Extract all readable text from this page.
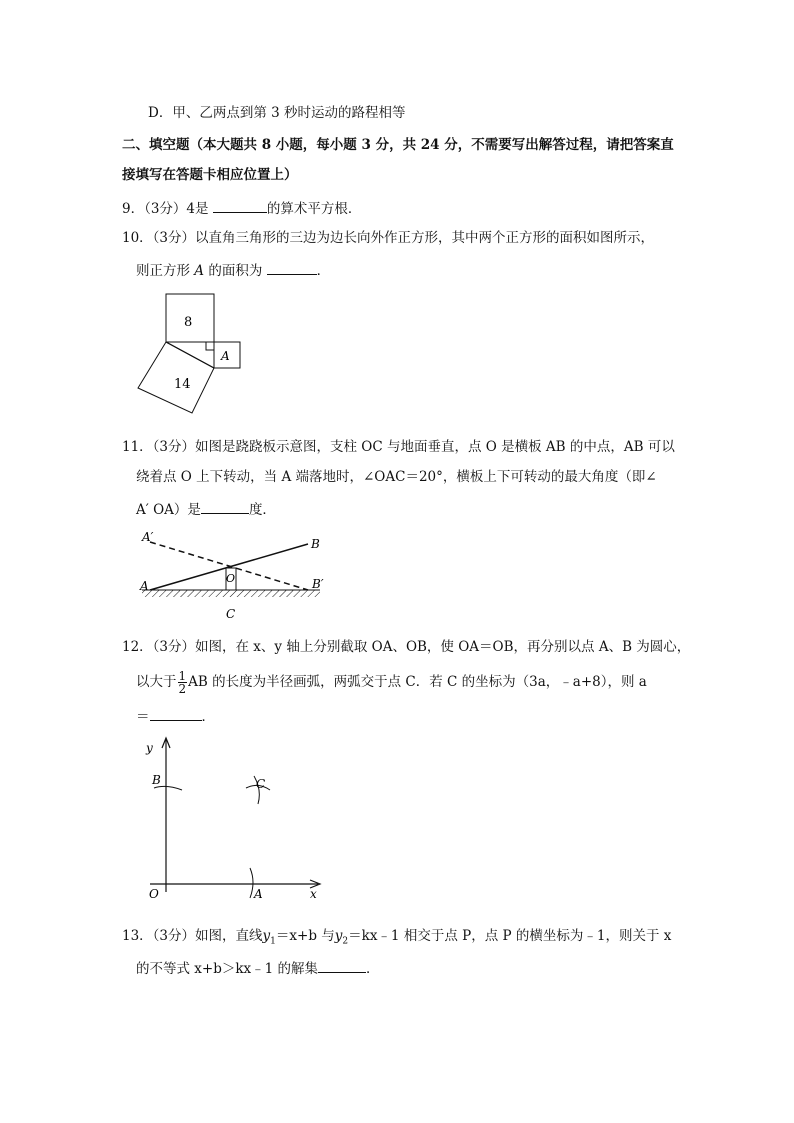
D．甲、乙两点到第 3 秒时运动的路程相等
二、填空题（本大题共 8 小题，每小题 3 分，共 24 分，不需要写出解答过程，请把答案直
接填写在答题卡相应位置上）
9．（3分）4是	的算术平方根．
10．（3分）以直角三角形的三边为边长向外作正方形，其中两个正方形的面积如图所示，
则正方形 A 的面积为	．
8
14
A
11．（3分）如图是跷跷板示意图，支柱 OC 与地面垂直，点 O 是横板 AB 的中点，AB 可以
绕着点 O 上下转动，当 A 端落地时，∠OAC＝20°，横板上下可转动的最大角度（即∠
A′ OA）是	度．
A′	B
A
O	B′
C
12．（3分）如图，在 x、y 轴上分别截取 OA、OB，使 OA＝OB，再分别以点 A、B 为圆心，
以大于 $\frac{1}{2}$ AB 的长度为半径画弧，两弧交于点 C．若 C 的坐标为（3a，﹣a+8），则 a
＝	．
y
B	C
O	A	x
13．（3分）如图，直线$y_1=x+b$ 与$y_2=kx﹣1$ 相交于点 P，点 P 的横坐标为﹣1，则关于 x
的不等式 x+b＞kx﹣1 的解集	．
